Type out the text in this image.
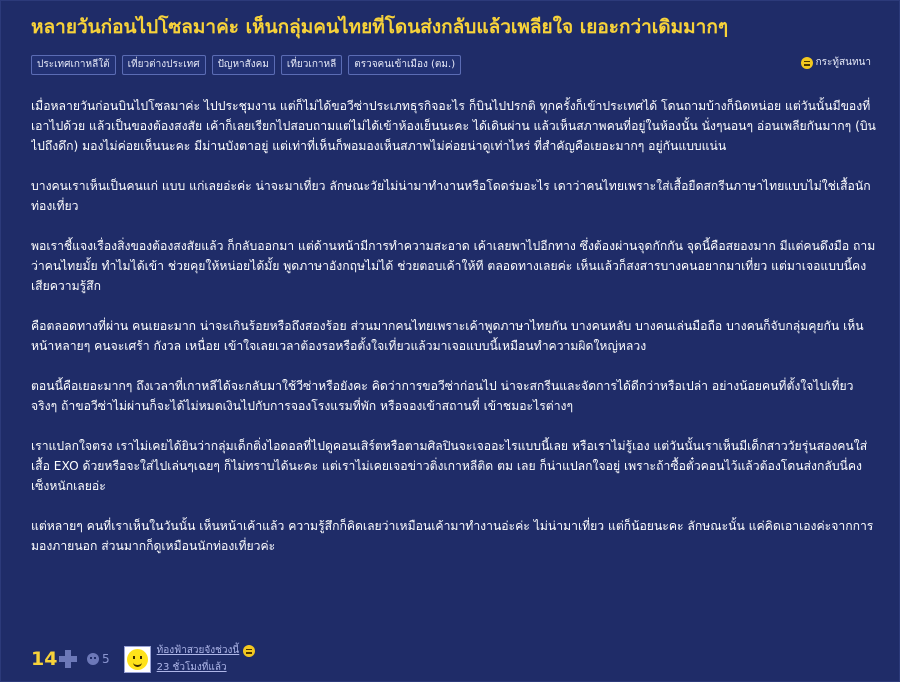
หลายวันก่อนไปโซลมาค่ะ เห็นกลุ่มคนไทยที่โดนส่งกลับแล้วเพลียใจ เยอะกว่าเดิมมากๆ
ประเทศเกาหลีใต้	เที่ยวต่างประเทศ	ปัญหาสังคม	เที่ยวเกาหลี	ตรวจคนเข้าเมือง (ตม.)	กระทู้สนทนา

เมื่อหลายวันก่อนบินไปโซลมาค่ะ ไปประชุมงาน แต่ก็ไม่ได้ขอวีซ่าประเภทธุรกิจอะไร ก็บินไปปรกติ ทุกครั้งก็เข้าประเทศได้ โดนถามบ้างก็นิดหน่อย แต่วันนั้นมีของที่เอาไปด้วย แล้วเป็นของต้องสงสัย เค้าก็เลยเรียกไปสอบถามแต่ไม่ได้เข้าห้องเย็นนะคะ ได้เดินผ่าน แล้วเห็นสภาพคนที่อยู่ในห้องนั้น นั่งๆนอนๆ อ่อนเพลียกันมากๆ (บินไปถึงดึก) มองไม่ค่อยเห็นนะคะ มีม่านบังตาอยู่ แต่เท่าที่เห็นก็พอมองเห็นสภาพไม่ค่อยน่าดูเท่าไหร่ ที่สำคัญคือเยอะมากๆ อยู่กันแบบแน่น

บางคนเราเห็นเป็นคนแก่ แบบ แก่เลยอ่ะค่ะ น่าจะมาเที่ยว ลักษณะวัยไม่น่ามาทำงานหรือโดดร่มอะไร เดาว่าคนไทยเพราะใส่เสื้อยืดสกรีนภาษาไทยแบบไม่ใช่เสื้อนักท่องเที่ยว

พอเราชี้แจงเรื่องสิ่งของต้องสงสัยแล้ว ก็กลับออกมา แต่ด้านหน้ามีการทำความสะอาด เค้าเลยพาไปอีกทาง ซึ่งต้องผ่านจุดกักกัน จุดนี้คือสยองมาก มีแต่คนดึงมือ ถามว่าคนไทยมั้ย ทำไมได้เข้า ช่วยคุยให้หน่อยได้มั้ย พูดภาษาอังกฤษไม่ได้ ช่วยตอบเค้าให้ที ตลอดทางเลยค่ะ เห็นแล้วก็สงสารบางคนอยากมาเที่ยว แต่มาเจอแบบนี้คงเสียความรู้สึก

คือตลอดทางที่ผ่าน คนเยอะมาก น่าจะเกินร้อยหรือถึงสองร้อย ส่วนมากคนไทยเพราะเค้าพูดภาษาไทยกัน บางคนหลับ บางคนเล่นมือถือ บางคนก็จับกลุ่มคุยกัน เห็นหน้าหลายๆ คนจะเศร้า กังวล เหนื่อย เข้าใจเลยเวลาต้องรอหรือตั้งใจเที่ยวแล้วมาเจอแบบนี้เหมือนทำความผิดใหญ่หลวง

ตอนนี้คือเยอะมากๆ ถึงเวลาที่เกาหลีได้จะกลับมาใช้วีซ่าหรือยังคะ คิดว่าการขอวีซ่าก่อนไป น่าจะสกรีนและจัดการได้ดีกว่าหรือเปล่า อย่างน้อยคนที่ตั้งใจไปเที่ยวจริงๆ ถ้าขอวีซ่าไม่ผ่านก็จะได้ไม่หมดเงินไปกับการจองโรงแรมที่พัก หรือจองเข้าสถานที่ เข้าชมอะไรต่างๆ

เราแปลกใจตรง เราไม่เคยได้ยินว่ากลุ่มเด็กติ่งไอดอลที่ไปดูคอนเสิร์ตหรือตามศิลปินจะเจออะไรแบบนี้เลย หรือเราไม่รู้เอง แต่วันนั้นเราเห็นมีเด็กสาววัยรุ่นสองคนใส่เสื้อ EXO ด้วยหรือจะใส่ไปเล่นๆเฉยๆ ก็ไม่ทราบได้นะคะ แต่เราไม่เคยเจอข่าวติ่งเกาหลีติด ตม เลย ก็น่าแปลกใจอยู่ เพราะถ้าซื้อตั๋วคอนไว้แล้วต้องโดนส่งกลับนี่คงเซ็งหนักเลยอ่ะ

แต่หลายๆ คนที่เราเห็นในวันนั้น เห็นหน้าเค้าแล้ว ความรู้สึกก็คิดเลยว่าเหมือนเค้ามาทำงานอ่ะค่ะ ไม่น่ามาเที่ยว แต่ก็น้อยนะคะ ลักษณะนั้น แค่คิดเอาเองค่ะจากการมองภายนอก ส่วนมากก็ดูเหมือนนักท่องเที่ยวค่ะ

14	5
ท้องฟ้าสวยจังช่วงนี้
23 ชั่วโมงที่แล้ว
